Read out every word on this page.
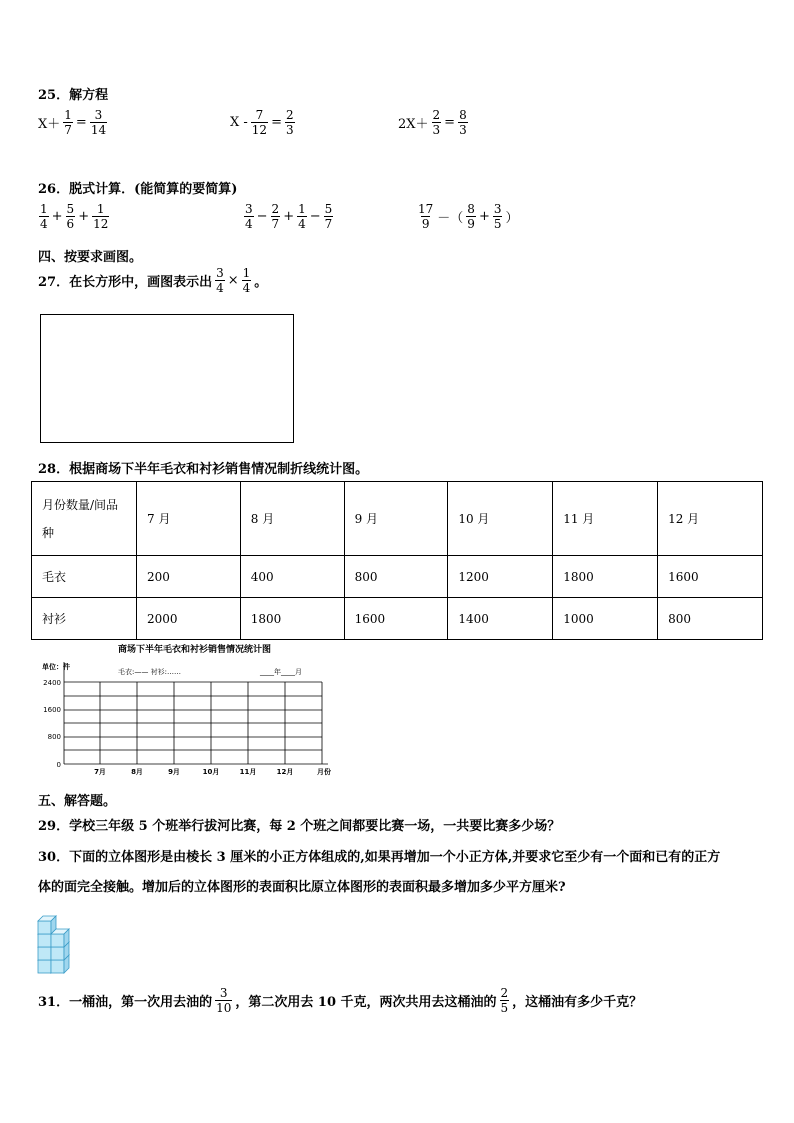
25．解方程
$X+ \frac{1}{7} = \frac{3}{14}$	$X - \frac{7}{12} = \frac{2}{3}$	$2X+ \frac{2}{3} = \frac{8}{3}$
26．脱式计算．(能简算的要简算)
1
$4 + \frac{5}{6} + \frac{1}{12}$	3
$4 - \frac{2}{7} + \frac{1}{4} - \frac{5}{7}$	17
9 －（
8
$9 + \frac{3}{5}$ ）
四、按要求画图。
27．在长方形中，画图表示出 $\frac{3}{4} \times \frac{1}{4}$ 。
28．根据商场下半年毛衣和衬衫销售情况制折线统计图。
月份数量/间品
种	7 月	8 月	9 月	10 月	11 月	12 月
毛衣	200	400	800	1200	1800	1600
衬衫	2000	1800	1600	1400	1000	800
商场下半年毛衣和衬衫销售情况统计图
单位：件
毛衣:—— 衬衫:……	____年____月
2400
1600
800
0
7月	8月	9月	10月	11月	12月	月份
五、解答题。
29．学校三年级 5 个班举行拔河比赛，每 2 个班之间都要比赛一场，一共要比赛多少场？
30．下面的立体图形是由棱长 3 厘米的小正方体组成的,如果再增加一个小正方体,并要求它至少有一个面和已有的正方
体的面完全接触。增加后的立体图形的表面积比原立体图形的表面积最多增加多少平方厘米?
31．一桶油，第一次用去油的
3
10 ，第二次用去 10 千克，两次共用去这桶油的
2
5 ，这桶油有多少千克？
